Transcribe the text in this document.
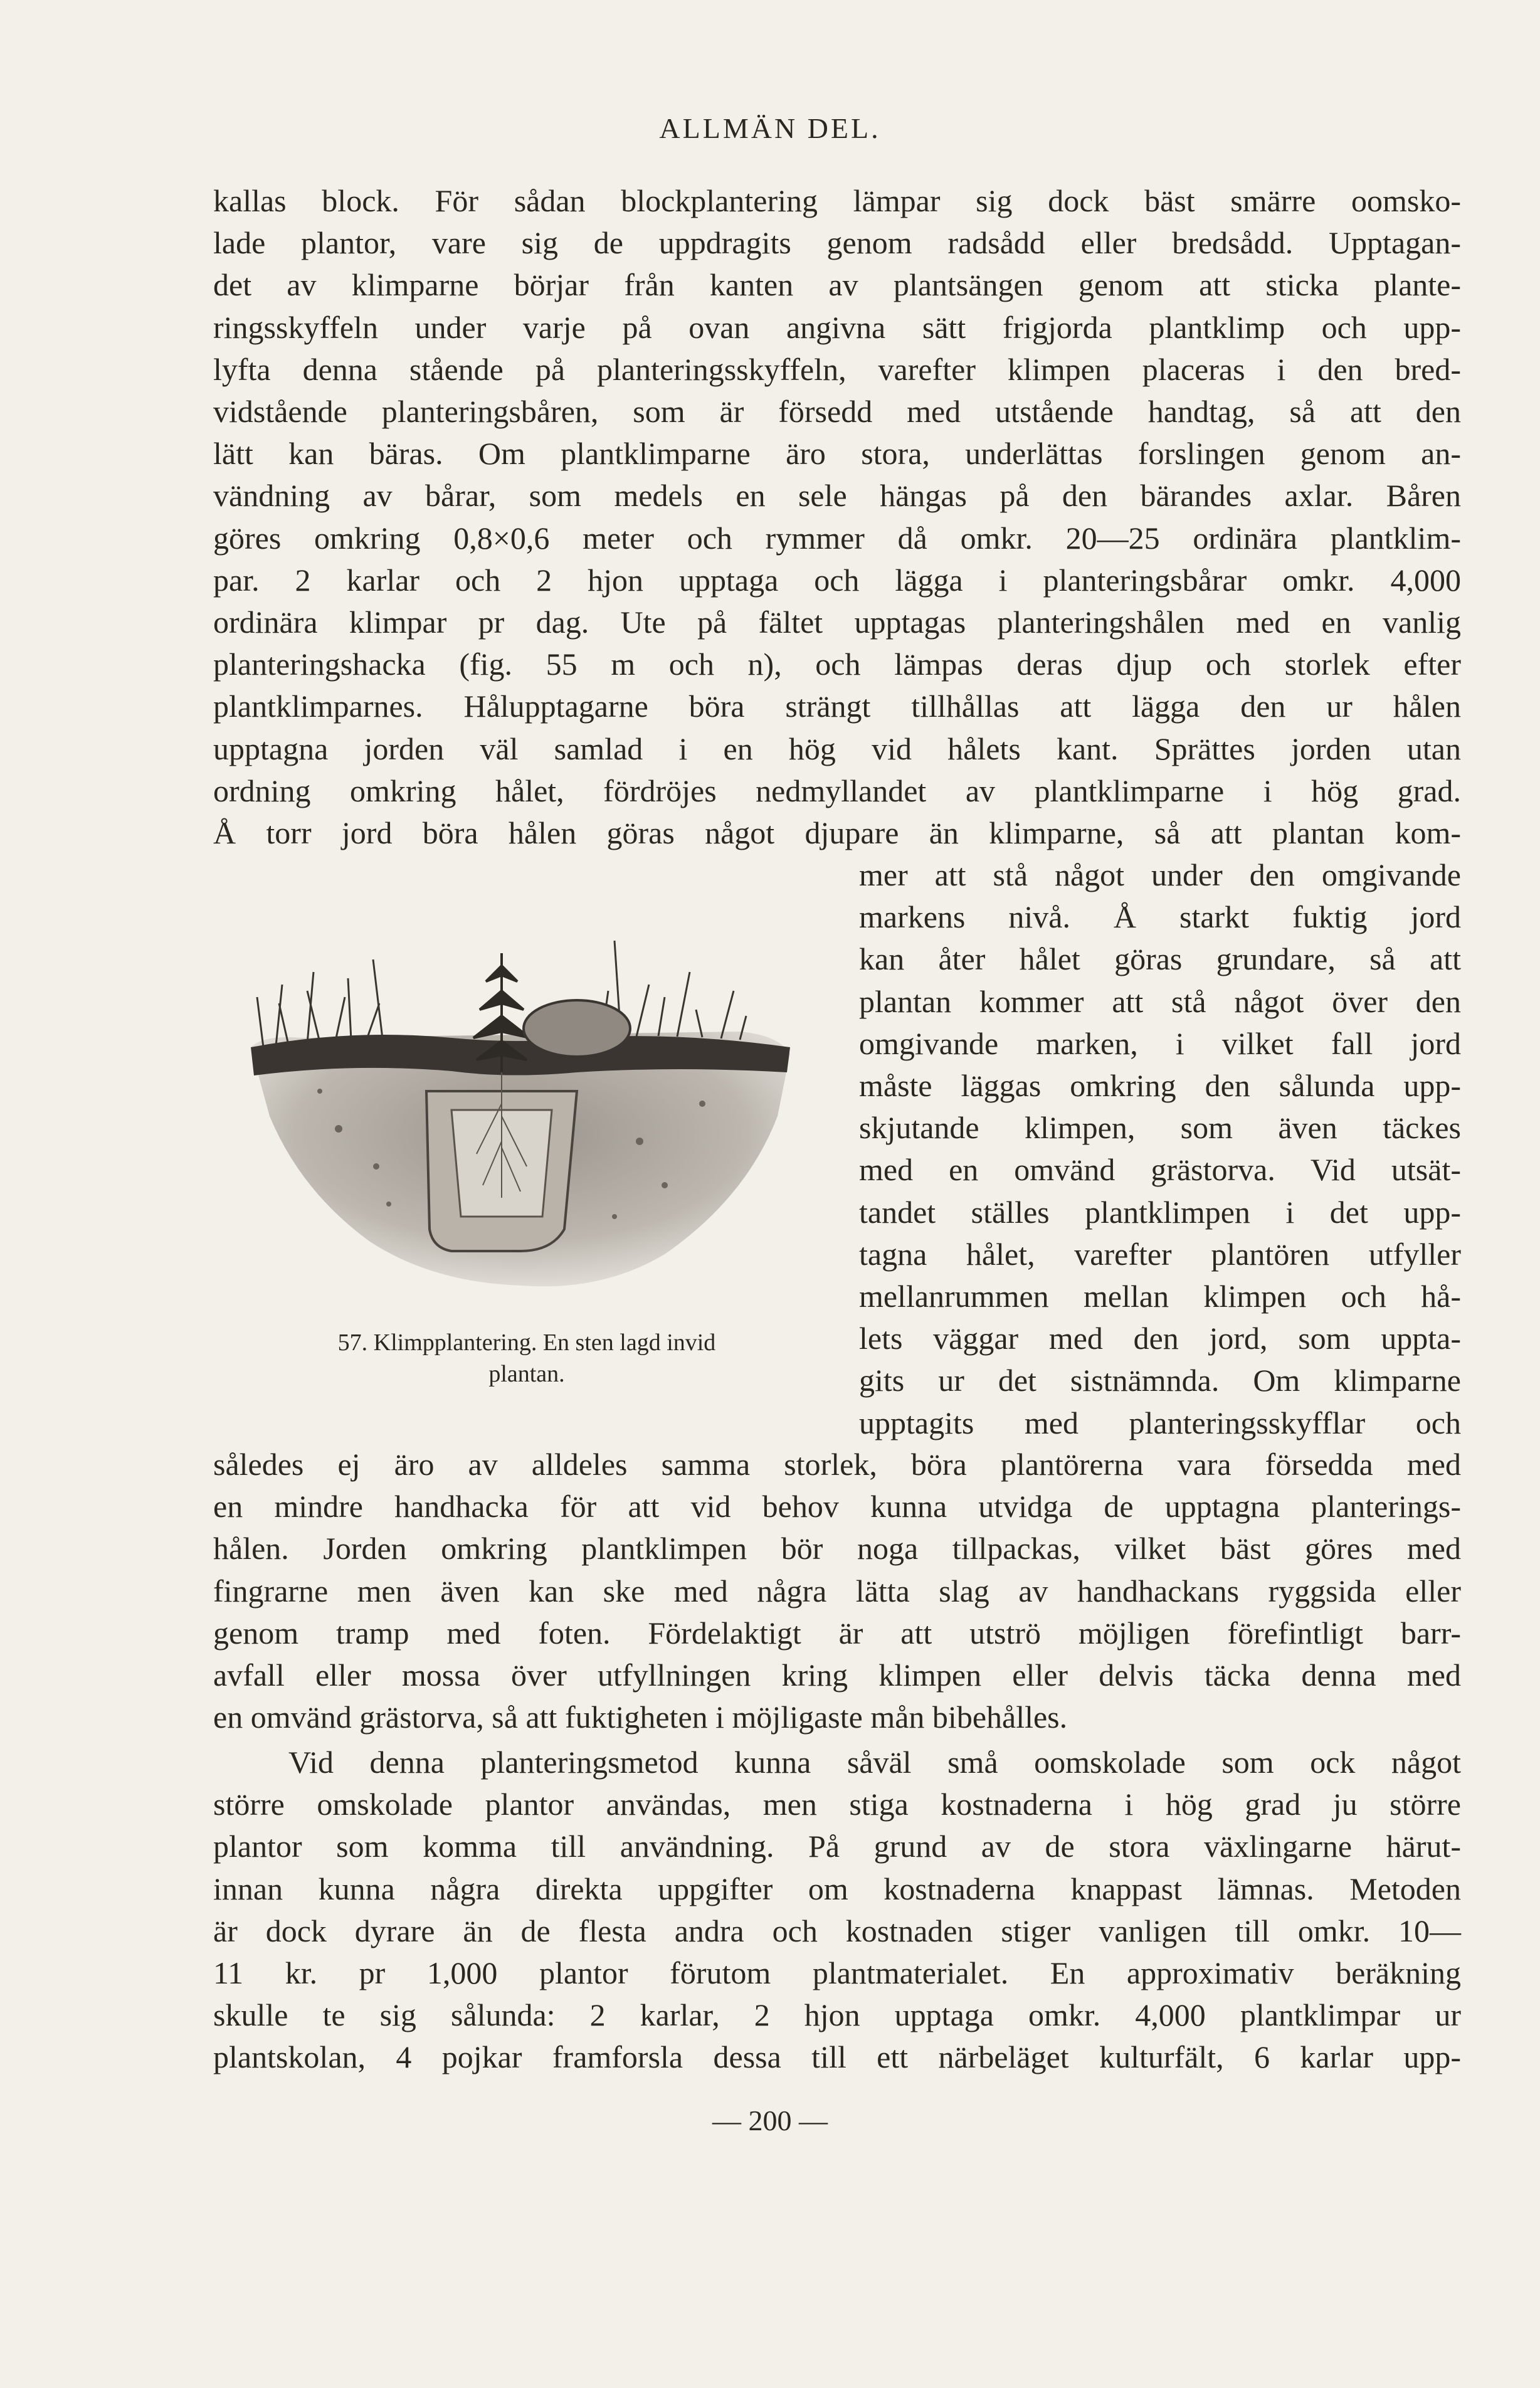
ALLMÄN DEL.
kallas block. För sådan blockplantering lämpar sig dock bäst smärre oomsko-
lade plantor, vare sig de uppdragits genom radsådd eller bredsådd. Upptagan-
det av klimparne börjar från kanten av plantsängen genom att sticka plante-
ringsskyffeln under varje på ovan angivna sätt frigjorda plantklimp och upp-
lyfta denna stående på planteringsskyffeln, varefter klimpen placeras i den bred-
vidstående planteringsbåren, som är försedd med utstående handtag, så att den
lätt kan bäras. Om plantklimparne äro stora, underlättas forslingen genom an-
vändning av bårar, som medels en sele hängas på den bärandes axlar. Båren
göres omkring 0,8×0,6 meter och rymmer då omkr. 20—25 ordinära plantklim-
par. 2 karlar och 2 hjon upptaga och lägga i planteringsbårar omkr. 4,000
ordinära klimpar pr dag. Ute på fältet upptagas planteringshålen med en vanlig
planteringshacka (fig. 55 m och n), och lämpas deras djup och storlek efter
plantklimparnes. Hålupptagarne böra strängt tillhållas att lägga den ur hålen
upptagna jorden väl samlad i en hög vid hålets kant. Sprättes jorden utan
ordning omkring hålet, fördröjes nedmyllandet av plantklimparne i hög grad.
Å torr jord böra hålen göras något djupare än klimparne, så att plantan kom-
mer att stå något under den omgivande
markens nivå. Å starkt fuktig jord
kan åter hålet göras grundare, så att
plantan kommer att stå något över den
omgivande marken, i vilket fall jord
måste läggas omkring den sålunda upp-
skjutande klimpen, som även täckes
med en omvänd grästorva. Vid utsät-
tandet ställes plantklimpen i det upp-
tagna hålet, varefter plantören utfyller
mellanrummen mellan klimpen och hå-
lets väggar med den jord, som uppta-
gits ur det sistnämnda. Om klimparne
upptagits med planteringsskyfflar och
således ej äro av alldeles samma storlek, böra plantörerna vara försedda med
en mindre handhacka för att vid behov kunna utvidga de upptagna planterings-
hålen. Jorden omkring plantklimpen bör noga tillpackas, vilket bäst göres med
fingrarne men även kan ske med några lätta slag av handhackans ryggsida eller
genom tramp med foten. Fördelaktigt är att utströ möjligen förefintligt barr-
avfall eller mossa över utfyllningen kring klimpen eller delvis täcka denna med
en omvänd grästorva, så att fuktigheten i möjligaste mån bibehålles.
Vid denna planteringsmetod kunna såväl små oomskolade som ock något
större omskolade plantor användas, men stiga kostnaderna i hög grad ju större
plantor som komma till användning. På grund av de stora växlingarne härut-
innan kunna några direkta uppgifter om kostnaderna knappast lämnas. Metoden
är dock dyrare än de flesta andra och kostnaden stiger vanligen till omkr. 10—
11 kr. pr 1,000 plantor förutom plantmaterialet. En approximativ beräkning
skulle te sig sålunda: 2 karlar, 2 hjon upptaga omkr. 4,000 plantklimpar ur
plantskolan, 4 pojkar framforsla dessa till ett närbeläget kulturfält, 6 karlar upp-
57. Klimpplantering. En sten lagd invid
plantan.
— 200 —
